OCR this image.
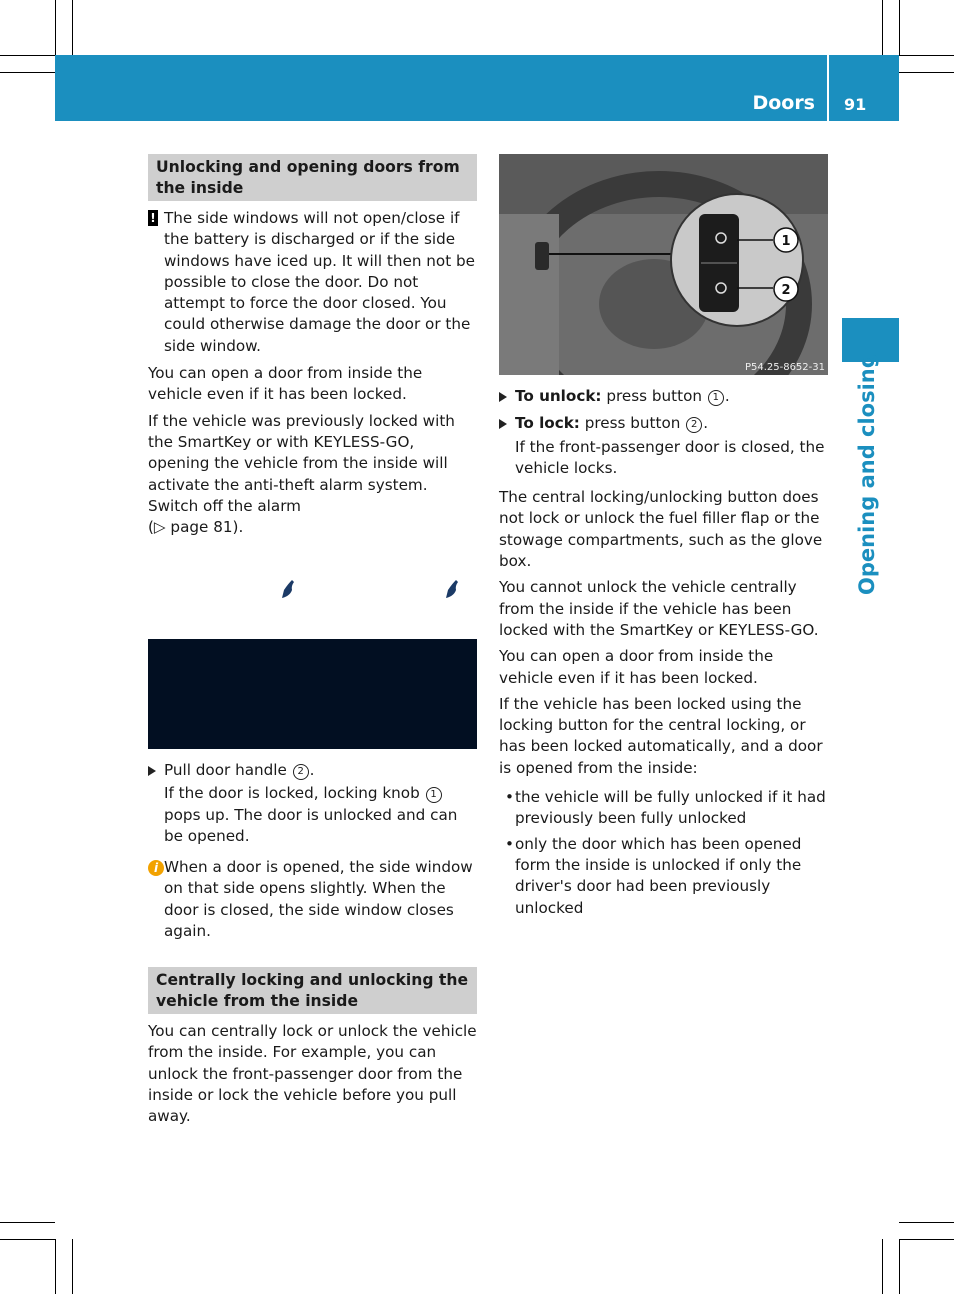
Doors 91
Opening and closing
Unlocking and opening doors from the inside
! The side windows will not open/close if the battery is discharged or if the side windows have iced up. It will then not be possible to close the door. Do not attempt to force the door closed. You could otherwise damage the door or the side window.

You can open a door from inside the vehicle even if it has been locked.

If the vehicle was previously locked with the SmartKey or with KEYLESS-GO, opening the vehicle from the inside will activate the anti-theft alarm system. Switch off the alarm
(▷ page 81).

Pull door handle 2 .
If the door is locked, locking knob 1 pops up. The door is unlocked and can be opened.
i When a door is opened, the side window on that side opens slightly. When the door is closed, the side window closes again.
Centrally locking and unlocking the vehicle from the inside

You can centrally lock or unlock the vehicle from the inside. For example, you can unlock the front-passenger door from the inside or lock the vehicle before you pull away.

1
2
P54.25-8652-31
To unlock: press button 1 .
To lock: press button 2 .
If the front-passenger door is closed, the vehicle locks.

The central locking/unlocking button does not lock or unlock the fuel filler flap or the stowage compartments, such as the glove box.

You cannot unlock the vehicle centrally from the inside if the vehicle has been locked with the SmartKey or KEYLESS-GO.

You can open a door from inside the vehicle even if it has been locked.

If the vehicle has been locked using the locking button for the central locking, or has been locked automatically, and a door is opened from the inside:

• the vehicle will be fully unlocked if it had previously been fully unlocked
• only the door which has been opened form the inside is unlocked if only the driver's door had been previously unlocked
